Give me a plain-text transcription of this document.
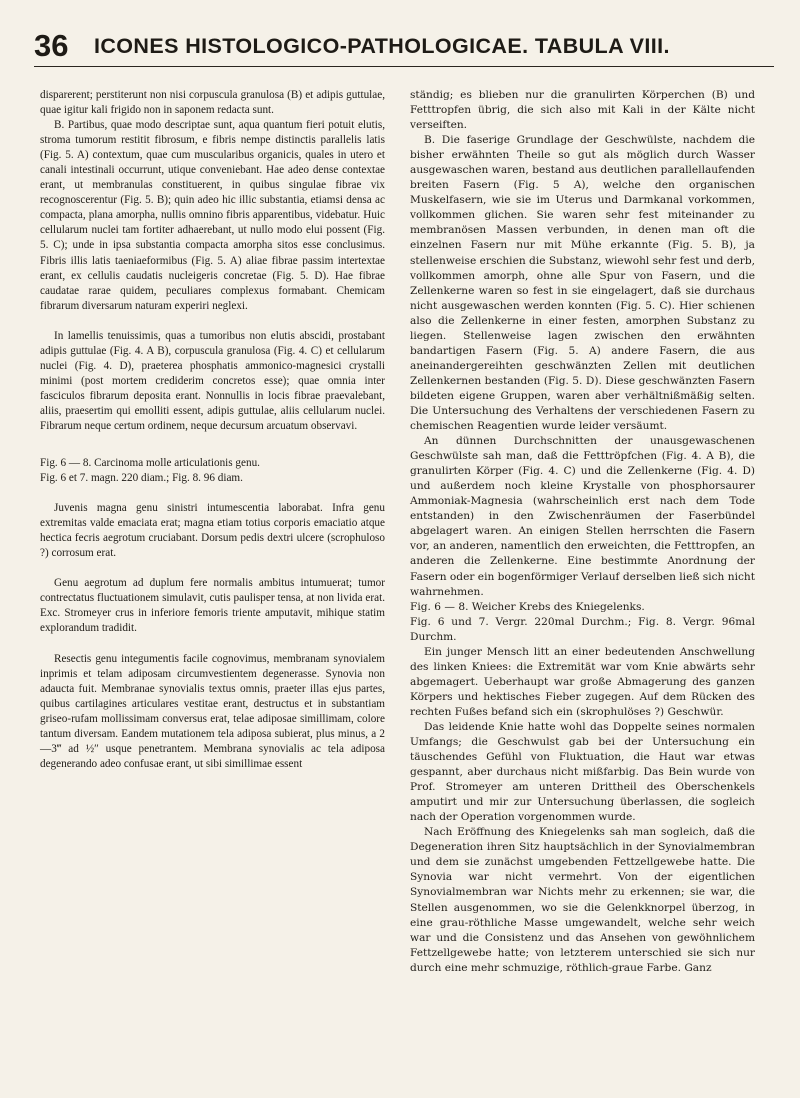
36 ICONES HISTOLOGICO-PATHOLOGICAE. TABULA VIII.

disparerent; perstiterunt non nisi corpuscula granulosa (B) et adipis guttulae, quae igitur kali frigido non in saponem redacta sunt.

B. Partibus, quae modo descriptae sunt, aqua quantum fieri potuit elutis, stroma tumorum restitit fibrosum, e fibris nempe distinctis parallelis latis (Fig. 5. A) contextum, quae cum muscularibus organicis, quales in utero et canali intestinali occurrunt, utique conveniebant. Hae adeo dense contextae erant, ut membranulas constituerent, in quibus singulae fibrae vix recognoscerentur (Fig. 5. B); quin adeo hic illic substantia, etiamsi densa ac compacta, plana amorpha, nullis omnino fibris apparentibus, videbatur. Huic cellularum nuclei tam fortiter adhaerebant, ut nullo modo elui possent (Fig. 5. C); unde in ipsa substantia compacta amorpha sitos esse conclusimus. Fibris illis latis taeniaeformibus (Fig. 5. A) aliae fibrae passim intertextae erant, ex cellulis caudatis nucleigeris concretae (Fig. 5. D). Hae fibrae caudatae rarae quidem, peculiares complexus formabant. Chemicam fibrarum diversarum naturam experiri neglexi.

In lamellis tenuissimis, quas a tumoribus non elutis abscidi, prostabant adipis guttulae (Fig. 4. A B), corpuscula granulosa (Fig. 4. C) et cellularum nuclei (Fig. 4. D), praeterea phosphatis ammonico-magnesici crystalli minimi (post mortem crediderim concretos esse); quae omnia inter fasciculos fibrarum deposita erant. Nonnullis in locis fibrae praevalebant, aliis, praesertim qui emolliti essent, adipis guttulae, aliis cellularum nuclei. Fibrarum neque certum ordinem, neque decursum arcuatum observavi.

Fig. 6 — 8. Carcinoma molle articulationis genu.

Fig. 6 et 7. magn. 220 diam.; Fig. 8. 96 diam.

Juvenis magna genu sinistri intumescentia laborabat. Infra genu extremitas valde emaciata erat; magna etiam totius corporis emaciatio atque hectica fecris aegrotum cruciabant. Dorsum pedis dextri ulcere (scrophuloso ?) corrosum erat.

Genu aegrotum ad duplum fere normalis ambitus intumuerat; tumor contrectatus fluctuationem simulavit, cutis paulisper tensa, at non livida erat. Exc. Stromeyer crus in inferiore femoris triente amputavit, mihique statim explorandum tradidit.

Resectis genu integumentis facile cognovimus, membranam synovialem inprimis et telam adiposam circumvestientem degenerasse. Synovia non adaucta fuit. Membranae synovialis textus omnis, praeter illas ejus partes, quibus cartilagines articulares vestitae erant, destructus et in substantiam griseo-rufam mollissimam conversus erat, telae adiposae simillimam, colore tantum diversam. Eandem mutationem tela adiposa subierat, plus minus, a 2—3‴ ad ½″ usque penetrantem. Membrana synovialis ac tela adiposa degenerando adeo confusae erant, ut sibi simillimae essent

ständig; es blieben nur die granulirten Körperchen (B) und Fetttropfen übrig, die sich also mit Kali in der Kälte nicht verseiften.

B. Die faserige Grundlage der Geschwülste, nachdem die bisher erwähnten Theile so gut als möglich durch Wasser ausgewaschen waren, bestand aus deutlichen parallellaufenden breiten Fasern (Fig. 5 A), welche den organischen Muskelfasern, wie sie im Uterus und Darmkanal vorkommen, vollkommen glichen. Sie waren sehr fest miteinander zu membranösen Massen verbunden, in denen man oft die einzelnen Fasern nur mit Mühe erkannte (Fig. 5. B), ja stellenweise erschien die Substanz, wiewohl sehr fest und derb, vollkommen amorph, ohne alle Spur von Fasern, und die Zellenkerne waren so fest in sie eingelagert, daß sie durchaus nicht ausgewaschen werden konnten (Fig. 5. C). Hier schienen also die Zellenkerne in einer festen, amorphen Substanz zu liegen. Stellenweise lagen zwischen den erwähnten bandartigen Fasern (Fig. 5. A) andere Fasern, die aus aneinandergereihten geschwänzten Zellen mit deutlichen Zellenkernen bestanden (Fig. 5. D). Diese geschwänzten Fasern bildeten eigene Gruppen, waren aber verhältnißmäßig selten. Die Untersuchung des Verhaltens der verschiedenen Fasern zu chemischen Reagentien wurde leider versäumt.

An dünnen Durchschnitten der unausgewaschenen Geschwülste sah man, daß die Fetttröpfchen (Fig. 4. A B), die granulirten Körper (Fig. 4. C) und die Zellenkerne (Fig. 4. D) und außerdem noch kleine Krystalle von phosphorsaurer Ammoniak-Magnesia (wahrscheinlich erst nach dem Tode entstanden) in den Zwischenräumen der Faserbündel abgelagert waren. An einigen Stellen herrschten die Fasern vor, an anderen, namentlich den erweichten, die Fetttropfen, an anderen die Zellenkerne. Eine bestimmte Anordnung der Fasern oder ein bogenförmiger Verlauf derselben ließ sich nicht wahrnehmen.

Fig. 6 — 8. Weicher Krebs des Kniegelenks.

Fig. 6 und 7. Vergr. 220mal Durchm.; Fig. 8. Vergr. 96mal Durchm.

Ein junger Mensch litt an einer bedeutenden Anschwellung des linken Kniees: die Extremität war vom Knie abwärts sehr abgemagert. Ueberhaupt war große Abmagerung des ganzen Körpers und hektisches Fieber zugegen. Auf dem Rücken des rechten Fußes befand sich ein (skrophulöses ?) Geschwür.

Das leidende Knie hatte wohl das Doppelte seines normalen Umfangs; die Geschwulst gab bei der Untersuchung ein täuschendes Gefühl von Fluktuation, die Haut war etwas gespannt, aber durchaus nicht mißfarbig. Das Bein wurde von Prof. Stromeyer am unteren Drittheil des Oberschenkels amputirt und mir zur Untersuchung überlassen, die sogleich nach der Operation vorgenommen wurde.

Nach Eröffnung des Kniegelenks sah man sogleich, daß die Degeneration ihren Sitz hauptsächlich in der Synovialmembran und dem sie zunächst umgebenden Fettzellgewebe hatte. Die Synovia war nicht vermehrt. Von der eigentlichen Synovialmembran war Nichts mehr zu erkennen; sie war, die Stellen ausgenommen, wo sie die Gelenkknorpel überzog, in eine grau-röthliche Masse umgewandelt, welche sehr weich war und die Consistenz und das Ansehen von gewöhnlichem Fettzellgewebe hatte; von letzterem unterschied sie sich nur durch eine mehr schmuzige, röthlich-graue Farbe. Ganz
